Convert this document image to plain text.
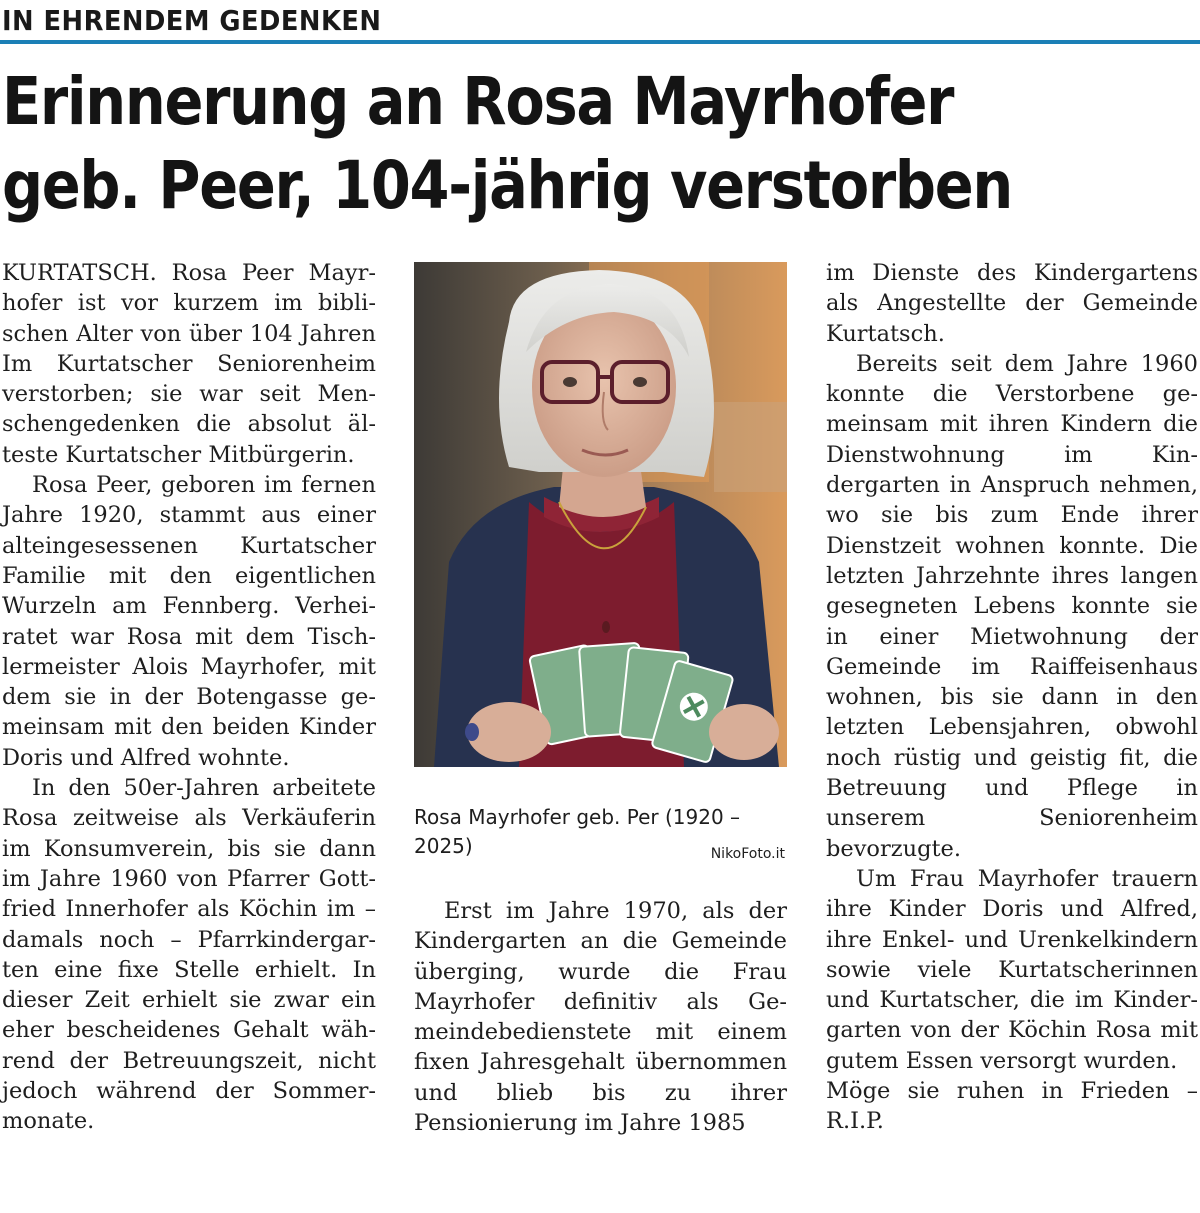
IN EHRENDEM GEDENKEN
Erinnerung an Rosa Mayrhofer
geb. Peer, 104-jährig verstorben

KURTATSCH. Rosa Peer Mayrhofer ist vor kurzem im biblischen Alter von über 104 Jahren Im Kurtatscher Seniorenheim verstorben; sie war seit Menschengedenken die absolut älteste Kurtatscher Mitbürgerin.

Rosa Peer, geboren im fernen Jahre 1920, stammt aus einer alteingesessenen Kurtatscher Familie mit den eigentlichen Wurzeln am Fennberg. Verheiratet war Rosa mit dem Tischlermeister Alois Mayrhofer, mit dem sie in der Botengasse gemeinsam mit den beiden Kinder Doris und Alfred wohnte.

In den 50er-Jahren arbeitete Rosa zeitweise als Verkäuferin im Konsumverein, bis sie dann im Jahre 1960 von Pfarrer Gottfried Innerhofer als Köchin im – damals noch – Pfarrkindergarten eine fixe Stelle erhielt. In dieser Zeit erhielt sie zwar ein eher bescheidenes Gehalt während der Betreuungszeit, nicht jedoch während der Sommermonate.

Rosa Mayrhofer geb. Per (1920 – 2025)	NikoFoto.it

Erst im Jahre 1970, als der Kindergarten an die Gemeinde überging, wurde die Frau Mayrhofer definitiv als Gemeindebedienstete mit einem fixen Jahresgehalt übernommen und blieb bis zu ihrer Pensionierung im Jahre 1985

im Dienste des Kindergartens als Angestellte der Gemeinde Kurtatsch.

Bereits seit dem Jahre 1960 konnte die Verstorbene gemeinsam mit ihren Kindern die Dienstwohnung im Kindergarten in Anspruch nehmen, wo sie bis zum Ende ihrer Dienstzeit wohnen konnte. Die letzten Jahrzehnte ihres langen gesegneten Lebens konnte sie in einer Mietwohnung der Gemeinde im Raiffeisenhaus wohnen, bis sie dann in den letzten Lebensjahren, obwohl noch rüstig und geistig fit, die Betreuung und Pflege in unserem Seniorenheim bevorzugte.

Um Frau Mayrhofer trauern ihre Kinder Doris und Alfred, ihre Enkel- und Urenkelkindern sowie viele Kurtatscherinnen und Kurtatscher, die im Kindergarten von der Köchin Rosa mit gutem Essen versorgt wurden.

Möge sie ruhen in Frieden – R.I.P.
